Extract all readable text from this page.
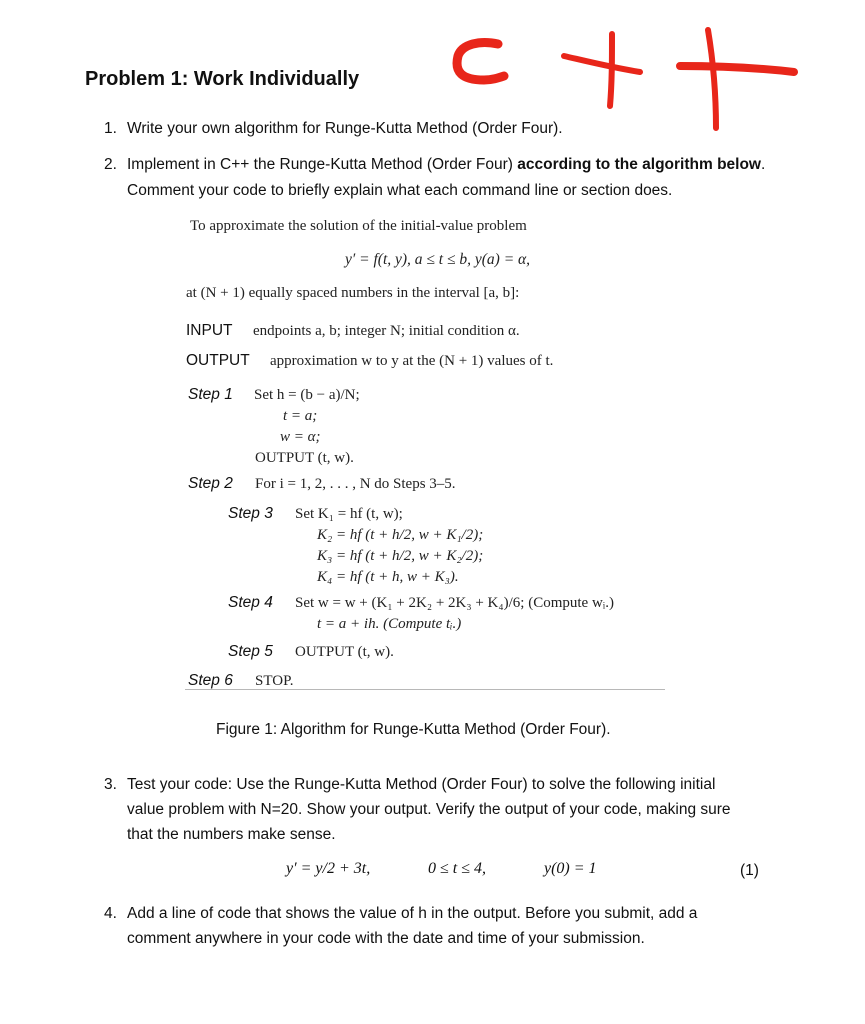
Problem 1: Work Individually
1. Write your own algorithm for Runge-Kutta Method (Order Four).
2. Implement in C++ the Runge-Kutta Method (Order Four) according to the algorithm below. Comment your code to briefly explain what each command line or section does.
To approximate the solution of the initial-value problem
y′ = f(t, y), a ≤ t ≤ b, y(a) = α,
at (N + 1) equally spaced numbers in the interval [a, b]:
INPUT endpoints a, b; integer N; initial condition α.
OUTPUT approximation w to y at the (N + 1) values of t.
Step 1 Set h = (b − a)/N;
t = a;
w = α;
OUTPUT (t, w).
Step 2 For i = 1, 2, . . . , N do Steps 3–5.
Step 3 Set K₁ = hf (t, w);
K₂ = hf (t + h/2, w + K₁/2);
K₃ = hf (t + h/2, w + K₂/2);
K₄ = hf (t + h, w + K₃).
Step 4 Set w = w + (K₁ + 2K₂ + 2K₃ + K₄)/6; (Compute wᵢ.)
t = a + ih. (Compute tᵢ.)
Step 5 OUTPUT (t, w).
Step 6 STOP.
Figure 1: Algorithm for Runge-Kutta Method (Order Four).
3. Test your code: Use the Runge-Kutta Method (Order Four) to solve the following initial
value problem with N=20. Show your output. Verify the output of your code, making sure
that the numbers make sense.
y′ = y/2 + 3t,	0 ≤ t ≤ 4,	y(0) = 1	(1)
4. Add a line of code that shows the value of h in the output. Before you submit, add a
comment anywhere in your code with the date and time of your submission.
